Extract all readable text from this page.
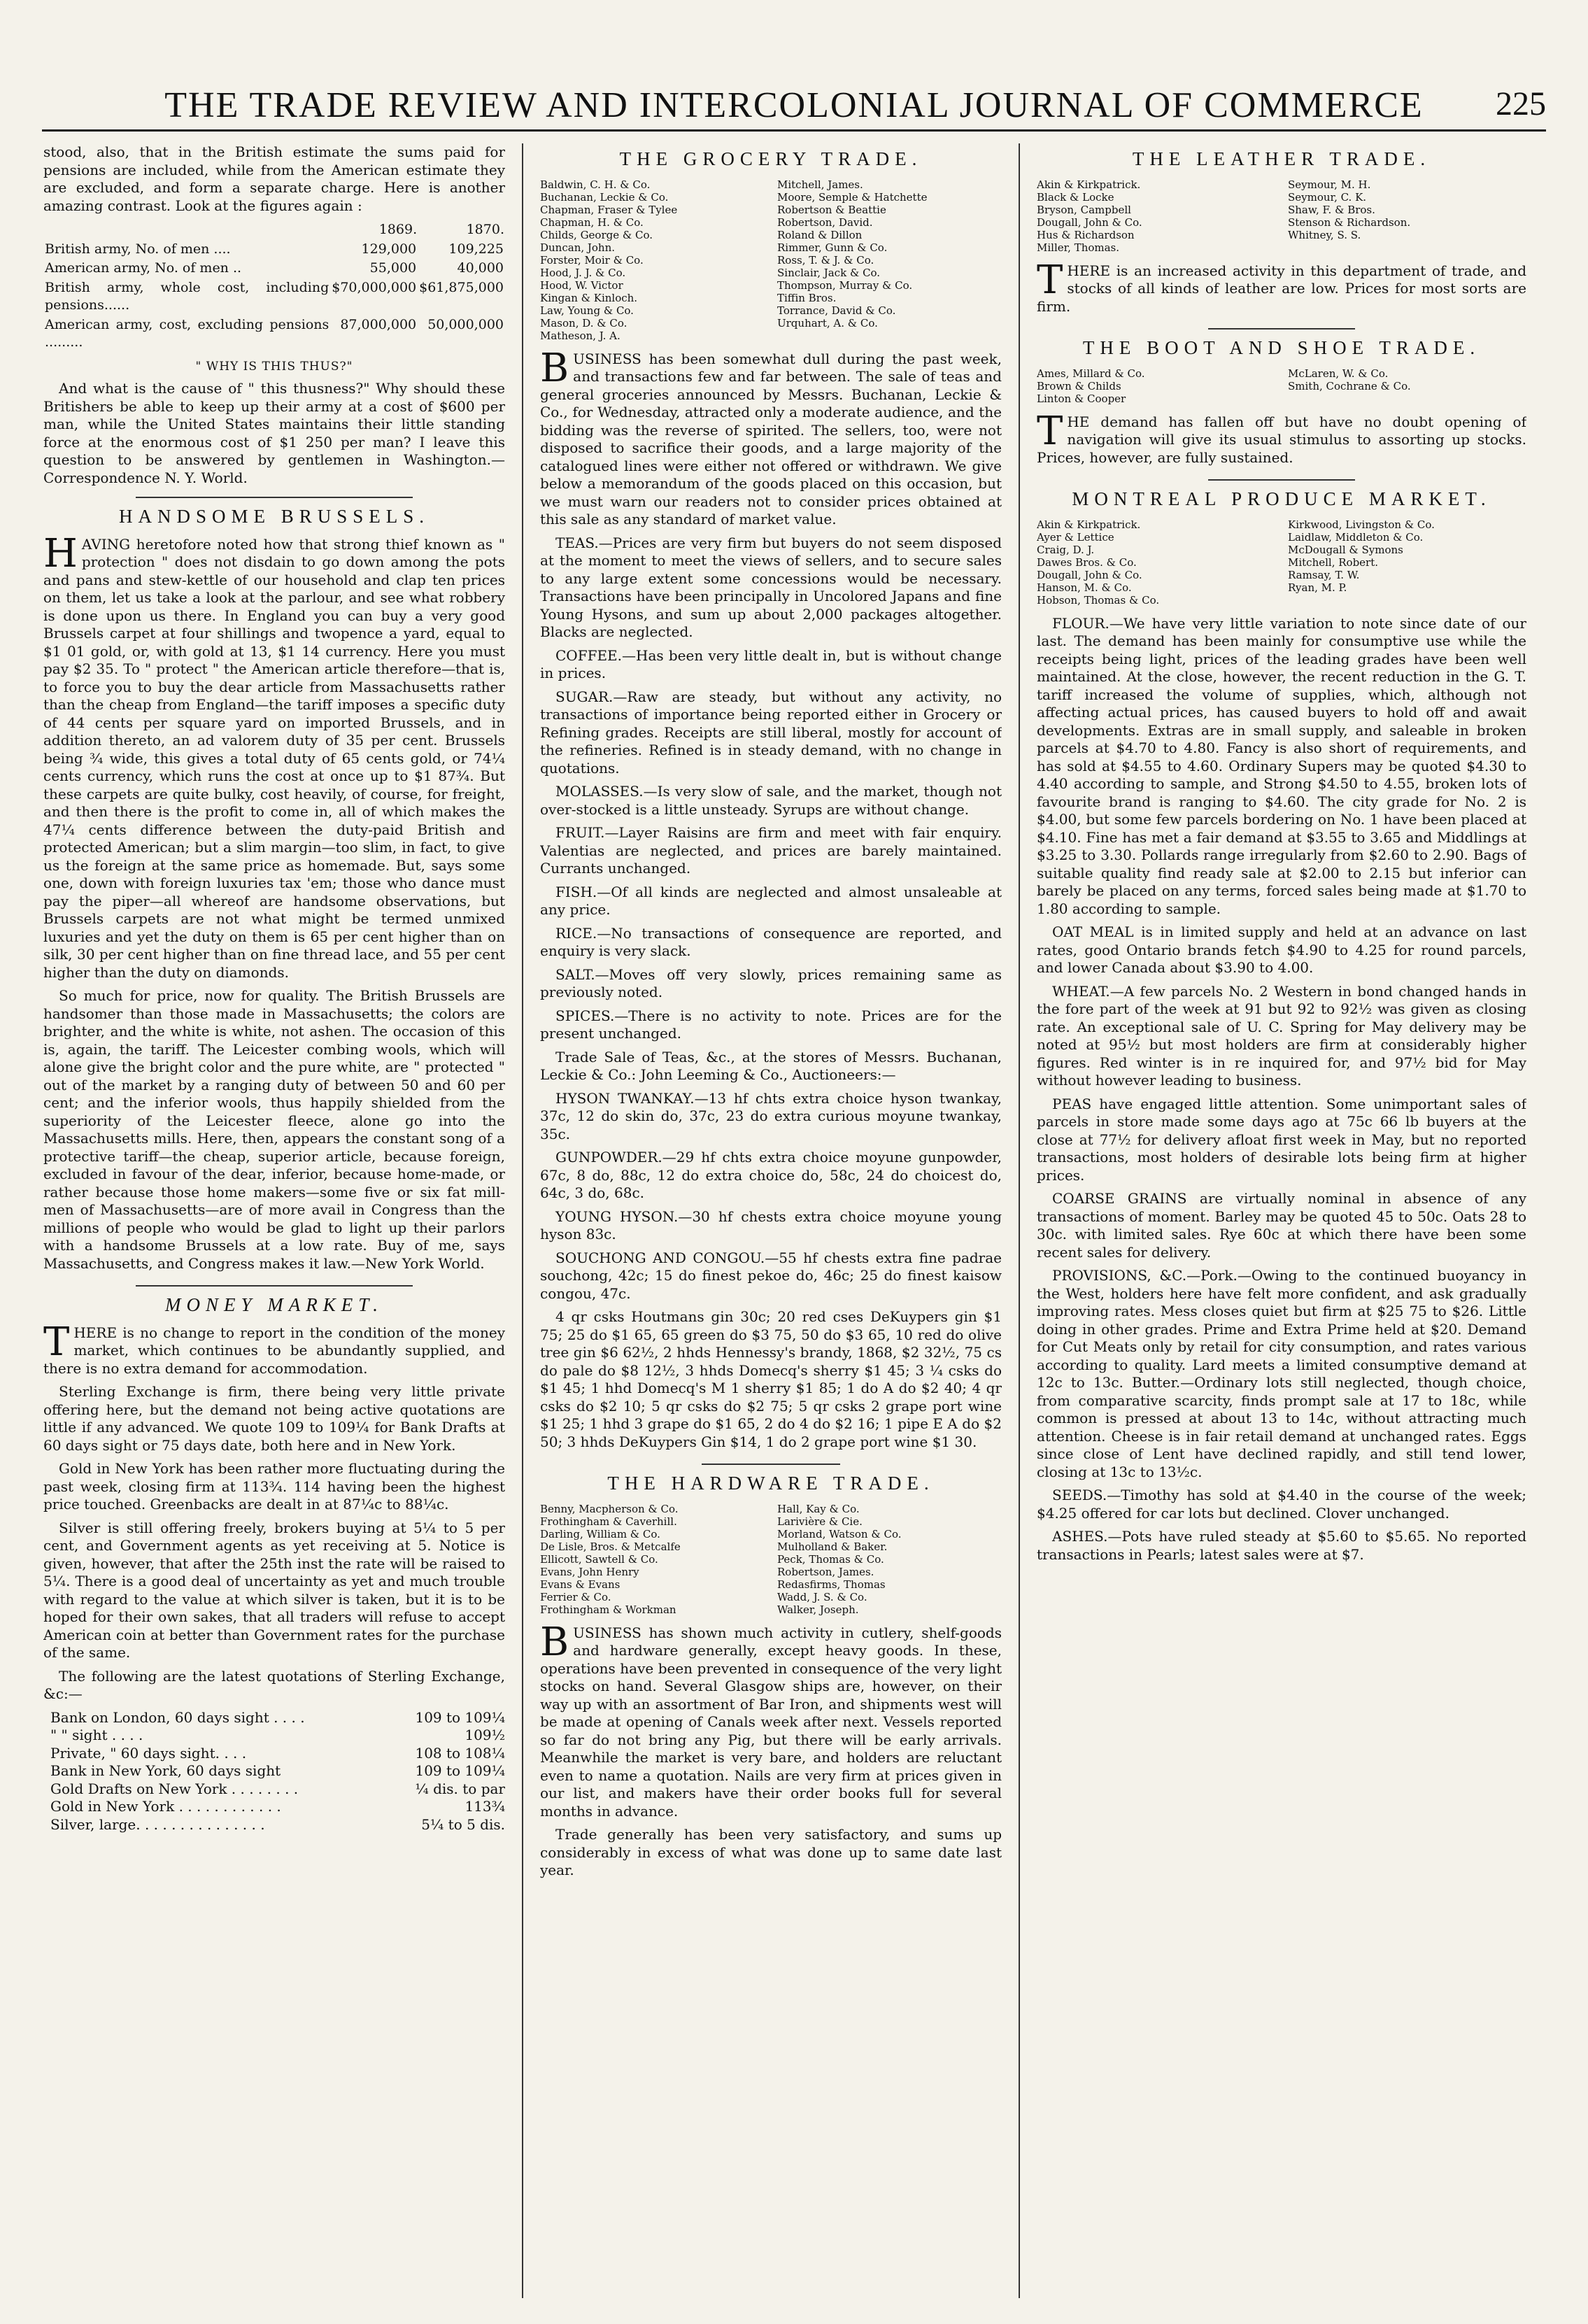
THE TRADE REVIEW AND INTERCOLONIAL JOURNAL OF COMMERCE	225

stood, also, that in the British estimate the sums paid for pensions are included, while from the American estimate they are excluded, and form a separate charge. Here is another amazing contrast. Look at the figures again :

	1869.	1870.
British army, No. of men ....	129,000	109,225
American army, No. of men ..	55,000	40,000
British army, whole cost, including pensions......	$70,000,000	$61,875,000
American army, cost, excluding pensions .........	87,000,000	50,000,000
" WHY IS THIS THUS?"

And what is the cause of " this thusness?" Why should these Britishers be able to keep up their army at a cost of $600 per man, while the United States maintains their little standing force at the enormous cost of $1 250 per man? I leave this question to be answered by gentlemen in Washington.— Correspondence N. Y. World.

HANDSOME BRUSSELS.

HAVING heretofore noted how that strong thief known as " protection " does not disdain to go down among the pots and pans and stew-kettle of our household and clap ten prices on them, let us take a look at the parlour, and see what robbery is done upon us there. In England you can buy a very good Brussels carpet at four shillings and twopence a yard, equal to $1 01 gold, or, with gold at 13, $1 14 currency. Here you must pay $2 35. To " protect " the American article therefore—that is, to force you to buy the dear article from Massachusetts rather than the cheap from England—the tariff imposes a specific duty of 44 cents per square yard on imported Brussels, and in addition thereto, an ad valorem duty of 35 per cent. Brussels being ¾ wide, this gives a total duty of 65 cents gold, or 74¼ cents currency, which runs the cost at once up to $1 87¾. But these carpets are quite bulky, cost heavily, of course, for freight, and then there is the profit to come in, all of which makes the 47¼ cents difference between the duty-paid British and protected American; but a slim margin—too slim, in fact, to give us the foreign at the same price as homemade. But, says some one, down with foreign luxuries tax 'em; those who dance must pay the piper—all whereof are handsome observations, but Brussels carpets are not what might be termed unmixed luxuries and yet the duty on them is 65 per cent higher than on silk, 30 per cent higher than on fine thread lace, and 55 per cent higher than the duty on diamonds.

So much for price, now for quality. The British Brussels are handsomer than those made in Massachusetts; the colors are brighter, and the white is white, not ashen. The occasion of this is, again, the tariff. The Leicester combing wools, which will alone give the bright color and the pure white, are " protected " out of the market by a ranging duty of between 50 and 60 per cent; and the inferior wools, thus happily shielded from the superiority of the Leicester fleece, alone go into the Massachusetts mills. Here, then, appears the constant song of a protective tariff—the cheap, superior article, because foreign, excluded in favour of the dear, inferior, because home-made, or rather because those home makers—some five or six fat mill-men of Massachusetts—are of more avail in Congress than the millions of people who would be glad to light up their parlors with a handsome Brussels at a low rate. Buy of me, says Massachusetts, and Congress makes it law.—New York World.

MONEY MARKET.

THERE is no change to report in the condition of the money market, which continues to be abundantly supplied, and there is no extra demand for accommodation.

Sterling Exchange is firm, there being very little private offering here, but the demand not being active quotations are little if any advanced. We quote 109 to 109¼ for Bank Drafts at 60 days sight or 75 days date, both here and in New York.

Gold in New York has been rather more fluctuating during the past week, closing firm at 113¾. 114 having been the highest price touched. Greenbacks are dealt in at 87¼c to 88¼c.

Silver is still offering freely, brokers buying at 5¼ to 5 per cent, and Government agents as yet receiving at 5. Notice is given, however, that after the 25th inst the rate will be raised to 5¼. There is a good deal of uncertainty as yet and much trouble with regard to the value at which silver is taken, but it is to be hoped for their own sakes, that all traders will refuse to accept American coin at better than Government rates for the purchase of the same.

The following are the latest quotations of Sterling Exchange, &c:—

Bank on London, 60 days sight . . . .	109 to 109¼
" " sight . . . .	109½
Private, " 60 days sight. . . .	108 to 108¼
Bank in New York, 60 days sight	109 to 109¼
Gold Drafts on New York . . . . . . . .	¼ dis. to par
Gold in New York . . . . . . . . . . . .	113¾
Silver, large. . . . . . . . . . . . . . .	5¼ to 5 dis.
THE GROCERY TRADE.
Baldwin, C. H. & Co.	Mitchell, James.
Buchanan, Leckie & Co.	Moore, Semple & Hatchette
Chapman, Fraser & Tylee	Robertson & Beattie
Chapman, H. & Co.	Robertson, David.
Childs, George & Co.	Roland & Dillon
Duncan, John.	Rimmer, Gunn & Co.
Forster, Moir & Co.	Ross, T. & J. & Co.
Hood, J. J. & Co.	Sinclair, Jack & Co.
Hood, W. Victor	Thompson, Murray & Co.
Kingan & Kinloch.	Tiffin Bros.
Law, Young & Co.	Torrance, David & Co.
Mason, D. & Co.	Urquhart, A. & Co.
Matheson, J. A.

BUSINESS has been somewhat dull during the past week, and transactions few and far between. The sale of teas and general groceries announced by Messrs. Buchanan, Leckie & Co., for Wednesday, attracted only a moderate audience, and the bidding was the reverse of spirited. The sellers, too, were not disposed to sacrifice their goods, and a large majority of the catalogued lines were either not offered or withdrawn. We give below a memorandum of the goods placed on this occasion, but we must warn our readers not to consider prices obtained at this sale as any standard of market value.

TEAS.—Prices are very firm but buyers do not seem disposed at the moment to meet the views of sellers, and to secure sales to any large extent some concessions would be necessary. Transactions have been principally in Uncolored Japans and fine Young Hysons, and sum up about 2,000 packages altogether. Blacks are neglected.

COFFEE.—Has been very little dealt in, but is without change in prices.

SUGAR.—Raw are steady, but without any activity, no transactions of importance being reported either in Grocery or Refining grades. Receipts are still liberal, mostly for account of the refineries. Refined is in steady demand, with no change in quotations.

MOLASSES.—Is very slow of sale, and the market, though not over-stocked is a little unsteady. Syrups are without change.

FRUIT.—Layer Raisins are firm and meet with fair enquiry. Valentias are neglected, and prices are barely maintained. Currants unchanged.

FISH.—Of all kinds are neglected and almost unsaleable at any price.

RICE.—No transactions of consequence are reported, and enquiry is very slack.

SALT.—Moves off very slowly, prices remaining same as previously noted.

SPICES.—There is no activity to note. Prices are for the present unchanged.

Trade Sale of Teas, &c., at the stores of Messrs. Buchanan, Leckie & Co.: John Leeming & Co., Auctioneers:—

HYSON TWANKAY.—13 hf chts extra choice hyson twankay, 37c, 12 do skin do, 37c, 23 do extra curious moyune twankay, 35c.

GUNPOWDER.—29 hf chts extra choice moyune gunpowder, 67c, 8 do, 88c, 12 do extra choice do, 58c, 24 do choicest do, 64c, 3 do, 68c.

YOUNG HYSON.—30 hf chests extra choice moyune young hyson 83c.

SOUCHONG AND CONGOU.—55 hf chests extra fine padrae souchong, 42c; 15 do finest pekoe do, 46c; 25 do finest kaisow congou, 47c.

4 qr csks Houtmans gin 30c; 20 red cses DeKuypers gin $1 75; 25 do $1 65, 65 green do $3 75, 50 do $3 65, 10 red do olive tree gin $6 62½, 2 hhds Hennessy's brandy, 1868, $2 32½, 75 cs do pale do $8 12½, 3 hhds Domecq's sherry $1 45; 3 ¼ csks do $1 45; 1 hhd Domecq's M 1 sherry $1 85; 1 do A do $2 40; 4 qr csks do $2 10; 5 qr csks do $2 75; 5 qr csks 2 grape port wine $1 25; 1 hhd 3 grape do $1 65, 2 do 4 do $2 16; 1 pipe E A do $2 50; 3 hhds DeKuypers Gin $14, 1 do 2 grape port wine $1 30.

THE HARDWARE TRADE.
Benny, Macpherson & Co.	Hall, Kay & Co.
Frothingham & Caverhill.	Larivière & Cie.
Darling, William & Co.	Morland, Watson & Co.
De Lisle, Bros. & Metcalfe	Mulholland & Baker.
Ellicott, Sawtell & Co.	Peck, Thomas & Co.
Evans, John Henry	Robertson, James.
Evans & Evans	Redasfirms, Thomas
Ferrier & Co.	Wadd, J. S. & Co.
Frothingham & Workman	Walker, Joseph.

BUSINESS has shown much activity in cutlery, shelf-goods and hardware generally, except heavy goods. In these, operations have been prevented in consequence of the very light stocks on hand. Several Glasgow ships are, however, on their way up with an assortment of Bar Iron, and shipments west will be made at opening of Canals week after next. Vessels reported so far do not bring any Pig, but there will be early arrivals. Meanwhile the market is very bare, and holders are reluctant even to name a quotation. Nails are very firm at prices given in our list, and makers have their order books full for several months in advance.

Trade generally has been very satisfactory, and sums up considerably in excess of what was done up to same date last year.

THE LEATHER TRADE.
Akin & Kirkpatrick.	Seymour, M. H.
Black & Locke	Seymour, C. K.
Bryson, Campbell	Shaw, F. & Bros.
Dougall, John & Co.	Stenson & Richardson.
Hus & Richardson	Whitney, S. S.
Miller, Thomas.

THERE is an increased activity in this department of trade, and stocks of all kinds of leather are low. Prices for most sorts are firm.

THE BOOT AND SHOE TRADE.
Ames, Millard & Co.	McLaren, W. & Co.
Brown & Childs	Smith, Cochrane & Co.
Linton & Cooper

THE demand has fallen off but have no doubt opening of navigation will give its usual stimulus to assorting up stocks. Prices, however, are fully sustained.

MONTREAL PRODUCE MARKET.
Akin & Kirkpatrick.	Kirkwood, Livingston & Co.
Ayer & Lettice	Laidlaw, Middleton & Co.
Craig, D. J.	McDougall & Symons
Dawes Bros. & Co.	Mitchell, Robert.
Dougall, John & Co.	Ramsay, T. W.
Hanson, M. & Co.	Ryan, M. P.
Hobson, Thomas & Co.

FLOUR.—We have very little variation to note since date of our last. The demand has been mainly for consumptive use while the receipts being light, prices of the leading grades have been well maintained. At the close, however, the recent reduction in the G. T. tariff increased the volume of supplies, which, although not affecting actual prices, has caused buyers to hold off and await developments. Extras are in small supply, and saleable in broken parcels at $4.70 to 4.80. Fancy is also short of requirements, and has sold at $4.55 to 4.60. Ordinary Supers may be quoted $4.30 to 4.40 according to sample, and Strong $4.50 to 4.55, broken lots of favourite brand is ranging to $4.60. The city grade for No. 2 is $4.00, but some few parcels bordering on No. 1 have been placed at $4.10. Fine has met a fair demand at $3.55 to 3.65 and Middlings at $3.25 to 3.30. Pollards range irregularly from $2.60 to 2.90. Bags of suitable quality find ready sale at $2.00 to 2.15 but inferior can barely be placed on any terms, forced sales being made at $1.70 to 1.80 according to sample.

OAT MEAL is in limited supply and held at an advance on last rates, good Ontario brands fetch $4.90 to 4.25 for round parcels, and lower Canada about $3.90 to 4.00.

WHEAT.—A few parcels No. 2 Western in bond changed hands in the fore part of the week at 91 but 92 to 92½ was given as closing rate. An exceptional sale of U. C. Spring for May delivery may be noted at 95½ but most holders are firm at considerably higher figures. Red winter is in re inquired for, and 97½ bid for May without however leading to business.

PEAS have engaged little attention. Some unimportant sales of parcels in store made some days ago at 75c 66 lb buyers at the close at 77½ for delivery afloat first week in May, but no reported transactions, most holders of desirable lots being firm at higher prices.

COARSE GRAINS are virtually nominal in absence of any transactions of moment. Barley may be quoted 45 to 50c. Oats 28 to 30c. with limited sales. Rye 60c at which there have been some recent sales for delivery.

PROVISIONS, &C.—Pork.—Owing to the continued buoyancy in the West, holders here have felt more confident, and ask gradually improving rates. Mess closes quiet but firm at $25 75 to $26. Little doing in other grades. Prime and Extra Prime held at $20. Demand for Cut Meats only by retail for city consumption, and rates various according to quality. Lard meets a limited consumptive demand at 12c to 13c. Butter.—Ordinary lots still neglected, though choice, from comparative scarcity, finds prompt sale at 17 to 18c, while common is pressed at about 13 to 14c, without attracting much attention. Cheese is in fair retail demand at unchanged rates. Eggs since close of Lent have declined rapidly, and still tend lower, closing at 13c to 13½c.

SEEDS.—Timothy has sold at $4.40 in the course of the week; $4.25 offered for car lots but declined. Clover unchanged.

ASHES.—Pots have ruled steady at $5.60 to $5.65. No reported transactions in Pearls; latest sales were at $7.
